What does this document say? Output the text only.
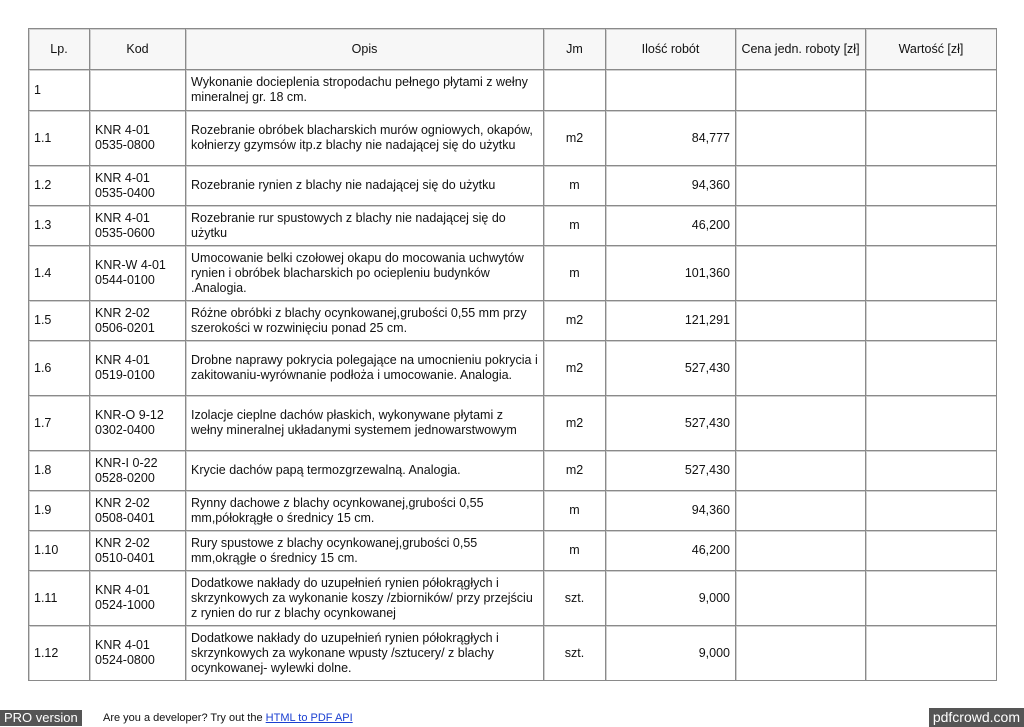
Lp.	Kod	Opis	Jm	Ilość robót	Cena jedn. roboty [zł]	Wartość [zł]
1		Wykonanie docieplenia stropodachu pełnego płytami z wełny mineralnej gr. 18 cm.				
1.1	KNR 4-01 0535-0800	Rozebranie obróbek blacharskich murów ogniowych, okapów, kołnierzy gzymsów itp.z blachy nie nadającej się do użytku	m2	84,777		
1.2	KNR 4-01 0535-0400	Rozebranie rynien z blachy nie nadającej się do użytku	m	94,360		
1.3	KNR 4-01 0535-0600	Rozebranie rur spustowych z blachy nie nadającej się do użytku	m	46,200		
1.4	KNR-W 4-01 0544-0100	Umocowanie belki czołowej okapu do mocowania uchwytów rynien i obróbek blacharskich po ociepleniu budynków .Analogia.	m	101,360		
1.5	KNR 2-02 0506-0201	Różne obróbki z blachy ocynkowanej,grubości 0,55 mm przy szerokości w rozwinięciu ponad 25 cm.	m2	121,291		
1.6	KNR 4-01 0519-0100	Drobne naprawy pokrycia polegające na umocnieniu pokrycia i zakitowaniu-wyrównanie podłoża i umocowanie. Analogia.	m2	527,430		
1.7	KNR-O 9-12 0302-0400	Izolacje cieplne dachów płaskich, wykonywane płytami z wełny mineralnej układanymi systemem jednowarstwowym	m2	527,430		
1.8	KNR-I 0-22 0528-0200	Krycie dachów papą termozgrzewalną. Analogia.	m2	527,430		
1.9	KNR 2-02 0508-0401	Rynny dachowe z blachy ocynkowanej,grubości 0,55 mm,półokrągłe o średnicy 15 cm.	m	94,360		
1.10	KNR 2-02 0510-0401	Rury spustowe z blachy ocynkowanej,grubości 0,55 mm,okrągłe o średnicy 15 cm.	m	46,200		
1.11	KNR 4-01 0524-1000	Dodatkowe nakłady do uzupełnień rynien półokrągłych i skrzynkowych za wykonanie koszy /zbiorników/ przy przejściu z rynien do rur z blachy ocynkowanej	szt.	9,000		
1.12	KNR 4-01 0524-0800	Dodatkowe nakłady do uzupełnień rynien półokrągłych i skrzynkowych za wykonane wpusty /sztucery/ z blachy ocynkowanej- wylewki dolne.	szt.	9,000		
PRO version	Are you a developer? Try out the HTML to PDF API	pdfcrowd.com
